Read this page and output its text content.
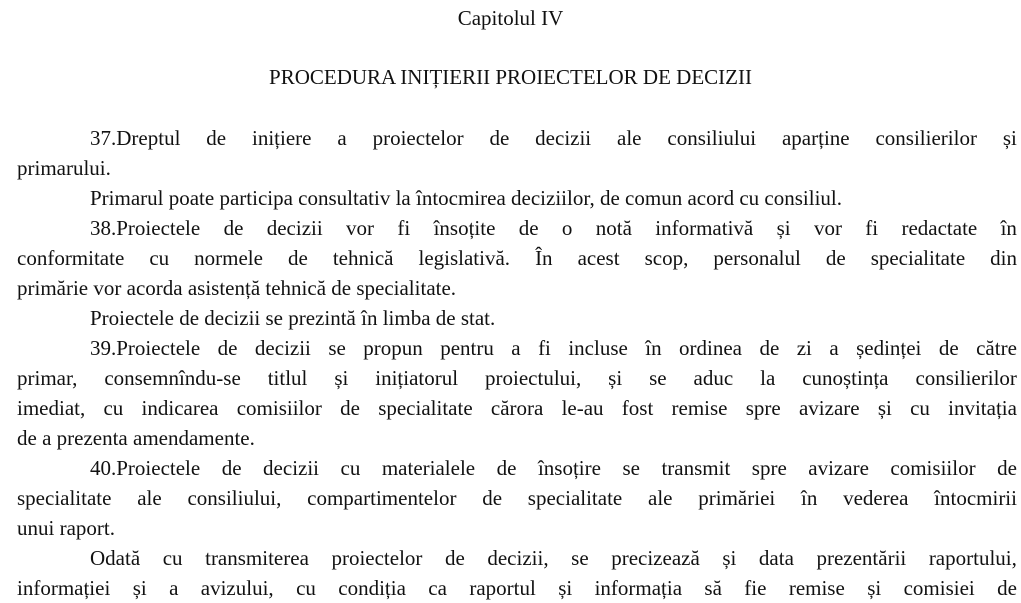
Capitolul IV
PROCEDURA INIȚIERII PROIECTELOR DE DECIZII
37.Dreptul de inițiere a proiectelor de decizii ale consiliului aparține consilierilor și
primarului.
Primarul poate participa consultativ la întocmirea deciziilor, de comun acord cu consiliul.
38.Proiectele de decizii vor fi însoțite de o notă informativă și vor fi redactate în
conformitate cu normele de tehnică legislativă. În acest scop, personalul de specialitate din
primărie vor acorda asistență tehnică de specialitate.
Proiectele de decizii se prezintă în limba de stat.
39.Proiectele de decizii se propun pentru a fi incluse în ordinea de zi a ședinței de către
primar, consemnîndu-se titlul și inițiatorul proiectului, și se aduc la cunoștința consilierilor
imediat, cu indicarea comisiilor de specialitate cărora le-au fost remise spre avizare și cu invitația
de a prezenta amendamente.
40.Proiectele de decizii cu materialele de însoțire se transmit spre avizare comisiilor de
specialitate ale consiliului, compartimentelor de specialitate ale primăriei în vederea întocmirii
unui raport.
Odată cu transmiterea proiectelor de decizii, se precizează și data prezentării raportului,
informației și a avizului, cu condiția ca raportul și informația să fie remise și comisiei de
